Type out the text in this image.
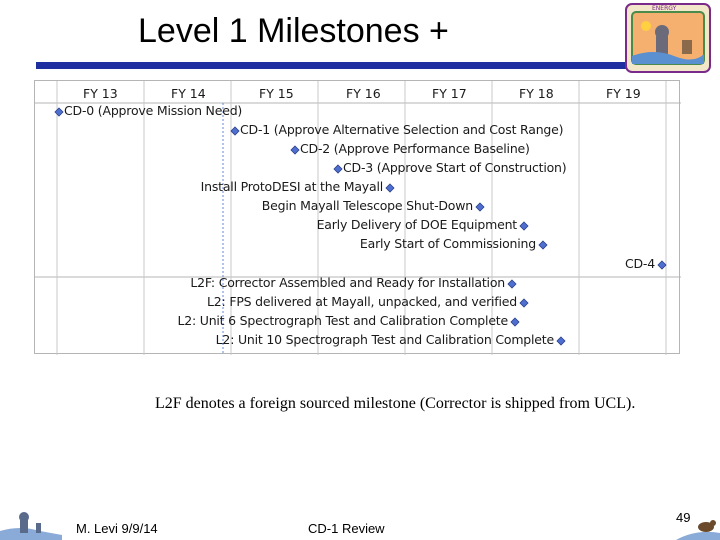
Level 1 Milestones +
ENERGY
FY 13	FY 14	FY 15	FY 16	FY 17	FY 18	FY 19
CD-0 (Approve Mission Need)
CD-1 (Approve Alternative Selection and Cost Range)
CD-2 (Approve Performance Baseline)
CD-3 (Approve Start of Construction)
Install ProtoDESI at the Mayall
Begin Mayall Telescope Shut-Down
Early Delivery of DOE Equipment
Early Start of Commissioning
CD-4
L2F: Corrector Assembled and Ready for Installation
L2: FPS delivered at Mayall, unpacked, and verified
L2: Unit 6 Spectrograph Test and Calibration Complete
L2: Unit 10 Spectrograph Test and Calibration Complete
L2F denotes a foreign sourced milestone (Corrector is shipped from UCL).
M. Levi 9/9/14	CD-1 Review
49
